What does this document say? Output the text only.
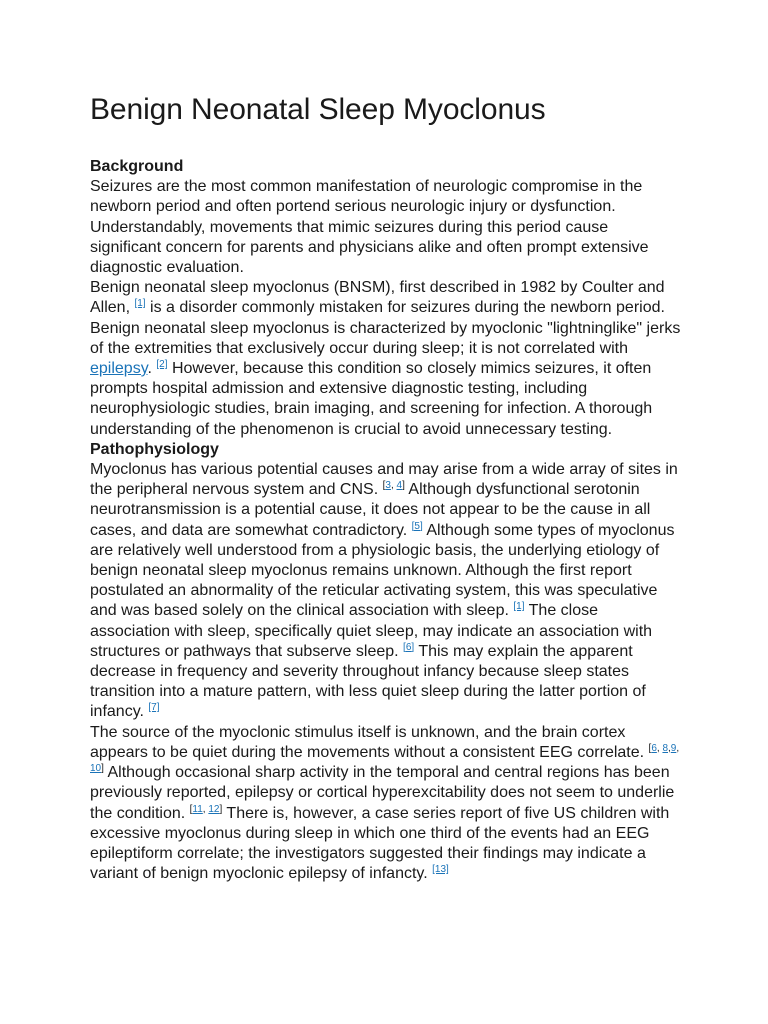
Benign Neonatal Sleep Myoclonus
Background

Seizures are the most common manifestation of neurologic compromise in the newborn period and often portend serious neurologic injury or dysfunction. Understandably, movements that mimic seizures during this period cause significant concern for parents and physicians alike and often prompt extensive diagnostic evaluation.

Benign neonatal sleep myoclonus (BNSM), first described in 1982 by Coulter and Allen, [1] is a disorder commonly mistaken for seizures during the newborn period. Benign neonatal sleep myoclonus is characterized by myoclonic "lightninglike" jerks of the extremities that exclusively occur during sleep; it is not correlated with epilepsy. [2] However, because this condition so closely mimics seizures, it often prompts hospital admission and extensive diagnostic testing, including neurophysiologic studies, brain imaging, and screening for infection. A thorough understanding of the phenomenon is crucial to avoid unnecessary testing.

Pathophysiology

Myoclonus has various potential causes and may arise from a wide array of sites in the peripheral nervous system and CNS. [3, 4] Although dysfunctional serotonin neurotransmission is a potential cause, it does not appear to be the cause in all cases, and data are somewhat contradictory. [5] Although some types of myoclonus are relatively well understood from a physiologic basis, the underlying etiology of benign neonatal sleep myoclonus remains unknown. Although the first report postulated an abnormality of the reticular activating system, this was speculative and was based solely on the clinical association with sleep. [1] The close association with sleep, specifically quiet sleep, may indicate an association with structures or pathways that subserve sleep. [6] This may explain the apparent decrease in frequency and severity throughout infancy because sleep states transition into a mature pattern, with less quiet sleep during the latter portion of infancy. [7]

The source of the myoclonic stimulus itself is unknown, and the brain cortex appears to be quiet during the movements without a consistent EEG correlate. [6, 8,9, 10] Although occasional sharp activity in the temporal and central regions has been previously reported, epilepsy or cortical hyperexcitability does not seem to underlie the condition. [11, 12] There is, however, a case series report of five US children with excessive myoclonus during sleep in which one third of the events had an EEG epileptiform correlate; the investigators suggested their findings may indicate a variant of benign myoclonic epilepsy of infancty. [13]
